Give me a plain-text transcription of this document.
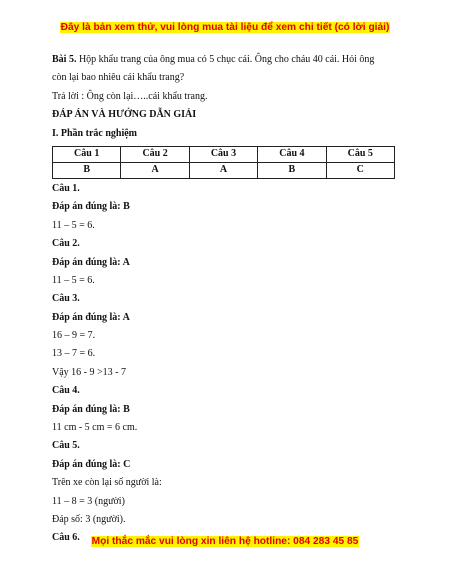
Đây là bản xem thử, vui lòng mua tài liệu để xem chi tiết (có lời giải)

Bài 5. Hộp khẩu trang của ông mua có 5 chục cái. Ông cho cháu 40 cái. Hỏi ông

còn lại bao nhiêu cái khẩu trang?

Trả lời : Ông còn lại…..cái khẩu trang.

ĐÁP ÁN VÀ HƯỚNG DẪN GIẢI

I. Phần trắc nghiệm

Câu 1	Câu 2	Câu 3	Câu 4	Câu 5
B	A	A	B	C

Câu 1.

Đáp án đúng là: B

11 – 5 = 6.

Câu 2.

Đáp án đúng là: A

11 – 5 = 6.

Câu 3.

Đáp án đúng là: A

16 – 9 = 7.

13 – 7 = 6.

Vậy 16 - 9 >13 - 7

Câu 4.

Đáp án đúng là: B

11 cm - 5 cm = 6 cm.

Câu 5.

Đáp án đúng là: C

Trên xe còn lại số người là:

11 – 8 = 3 (người)

Đáp số: 3 (người).

Câu 6.	Mọi thắc mắc vui lòng xin liên hệ hotline: 084 283 45 85
